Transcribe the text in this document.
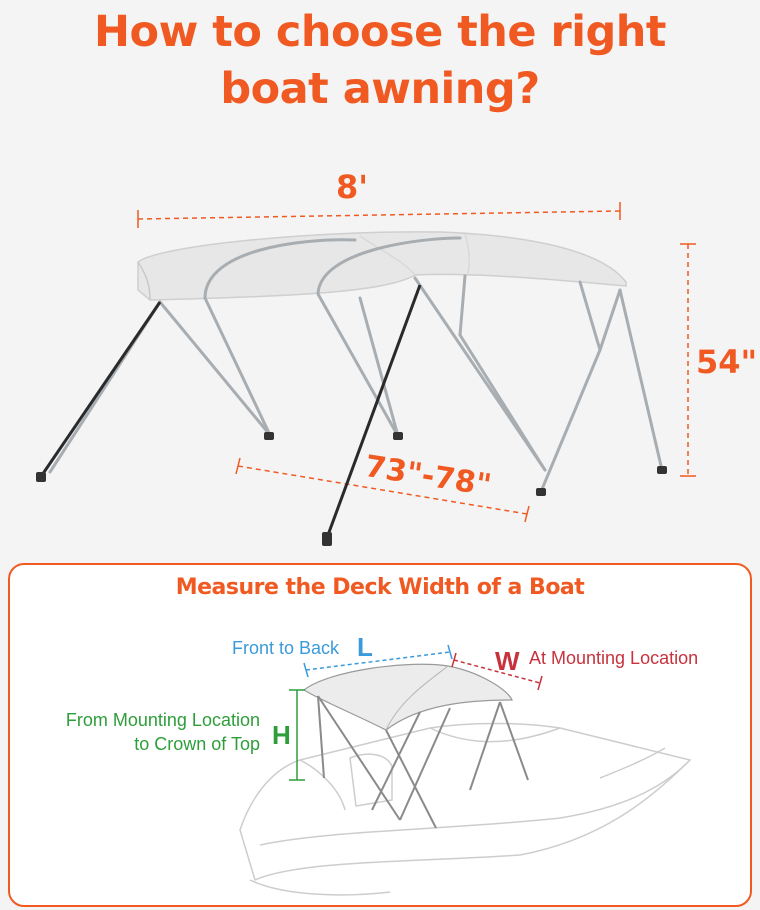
How to choose the right
boat awning?
8'
54"
73"-78"
Measure the Deck Width of a Boat
Front to Back L	W At Mounting Location
From Mounting Location
to Crown of Top H
